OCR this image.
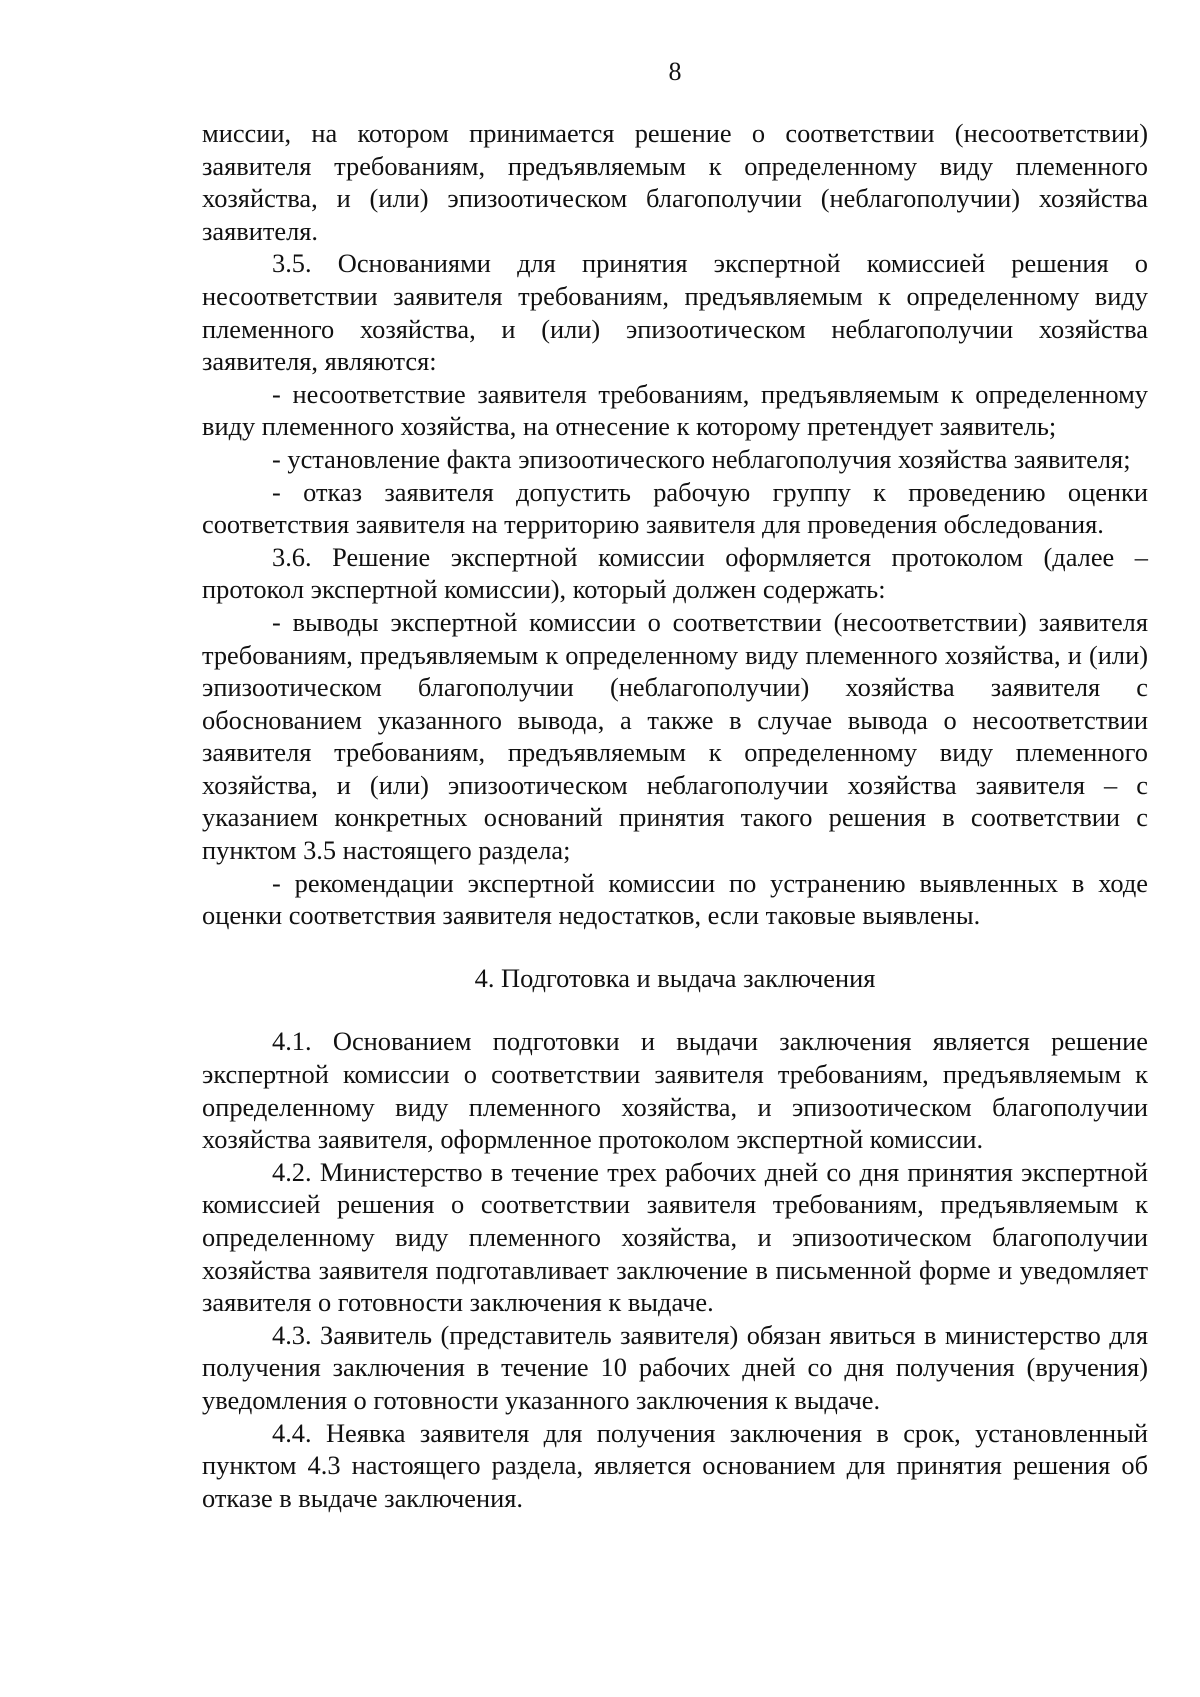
8

миссии, на котором принимается решение о соответствии (несоответствии) заявителя требованиям, предъявляемым к определенному виду племенного хозяйства, и (или) эпизоотическом благополучии (неблагополучии) хозяйства заявителя.

3.5. Основаниями для принятия экспертной комиссией решения о несоответствии заявителя требованиям, предъявляемым к определенному виду племенного хозяйства, и (или) эпизоотическом неблагополучии хозяйства заявителя, являются:

- несоответствие заявителя требованиям, предъявляемым к определенному виду племенного хозяйства, на отнесение к которому претендует заявитель;

- установление факта эпизоотического неблагополучия хозяйства заявителя;

- отказ заявителя допустить рабочую группу к проведению оценки соответствия заявителя на территорию заявителя для проведения обследования.

3.6. Решение экспертной комиссии оформляется протоколом (далее – протокол экспертной комиссии), который должен содержать:

- выводы экспертной комиссии о соответствии (несоответствии) заявителя требованиям, предъявляемым к определенному виду племенного хозяйства, и (или) эпизоотическом благополучии (неблагополучии) хозяйства заявителя с обоснованием указанного вывода, а также в случае вывода о несоответствии заявителя требованиям, предъявляемым к определенному виду племенного хозяйства, и (или) эпизоотическом неблагополучии хозяйства заявителя – с указанием конкретных оснований принятия такого решения в соответствии с пунктом 3.5 настоящего раздела;

- рекомендации экспертной комиссии по устранению выявленных в ходе оценки соответствия заявителя недостатков, если таковые выявлены.

4. Подготовка и выдача заключения

4.1. Основанием подготовки и выдачи заключения является решение экспертной комиссии о соответствии заявителя требованиям, предъявляемым к определенному виду племенного хозяйства, и эпизоотическом благополучии хозяйства заявителя, оформленное протоколом экспертной комиссии.

4.2. Министерство в течение трех рабочих дней со дня принятия экспертной комиссией решения о соответствии заявителя требованиям, предъявляемым к определенному виду племенного хозяйства, и эпизоотическом благополучии хозяйства заявителя подготавливает заключение в письменной форме и уведомляет заявителя о готовности заключения к выдаче.

4.3. Заявитель (представитель заявителя) обязан явиться в министерство для получения заключения в течение 10 рабочих дней со дня получения (вручения) уведомления о готовности указанного заключения к выдаче.

4.4. Неявка заявителя для получения заключения в срок, установленный пунктом 4.3 настоящего раздела, является основанием для принятия решения об отказе в выдаче заключения.
